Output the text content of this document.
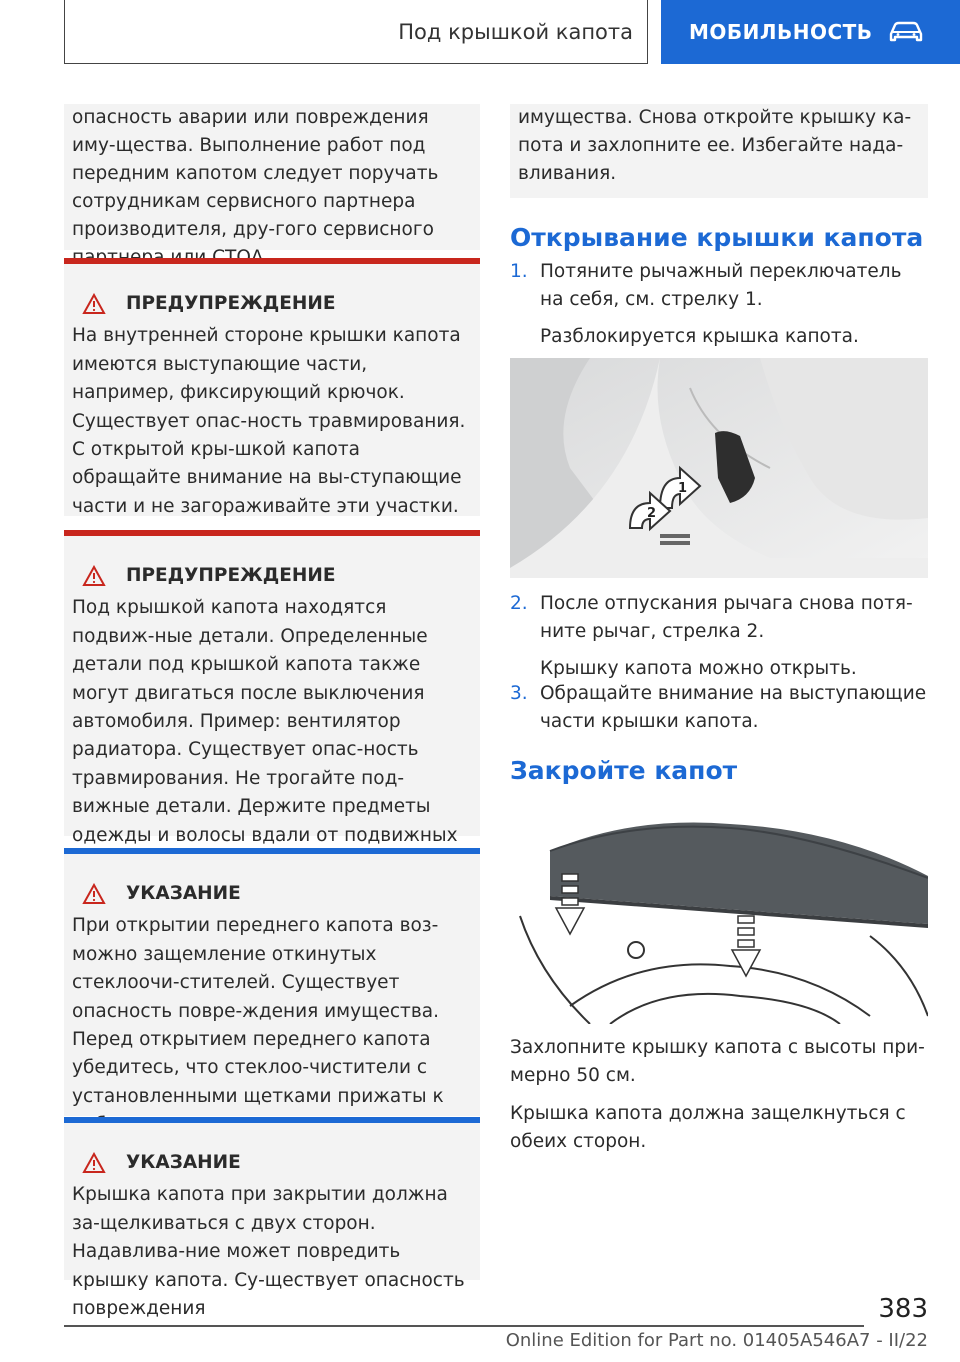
Под крышкой капота	МОБИЛЬНОСТЬ

опасность аварии или повреждения иму-щества. Выполнение работ под передним капотом следует поручать сотрудникам сервисного партнера производителя, дру-гого сервисного

ПРЕДУПРЕЖДЕНИЕ

На внутренней стороне крышки капота имеются выступающие части, например, фиксирующий крючок. Существует опас-ность травмирования. С открытой кры-шкой капота обращайте внимание на вы-ступающие части и не загораживайте эти участки.

ПРЕДУПРЕЖДЕНИЕ

Под крышкой капота находятся подвиж-ные детали. Определенные детали под крышкой капота также могут двигаться после выключения автомобиля. Пример: вентилятор радиатора. Существует опас-ность травмирования. Не трогайте под-вижные детали. Держите предметы одежды и волосы вдали от подвижных

УКАЗАНИЕ

При открытии переднего капота воз-можно защемление откинутых стеклоочи-стителей. Существует опасность повре-ждения имущества. Перед открытием переднего капота убедитесь, что стеклоо-чистители с установленными щетками прижаты к

УКАЗАНИЕ

Крышка капота при закрытии должна за-щелкиваться с двух сторон. Надавлива-ние может повредить крышку капота. Су-ществует опасность повреждения

имущества. Снова откройте крышку ка-пота и захлопните ее. Избегайте нада-вливания.

Открывание крышки капота
1. Потяните рычажный переключатель на себя, см. стрелку 1.
Разблокируется крышка капота.
1
2
2. После отпускания рычага снова потя-ните рычаг, стрелка 2.
Крышку капота можно открыть.
3. Обращайте внимание на выступающие части крышки капота.
Закройте капот

Захлопните крышку капота с высоты при-мерно 50 см.

Крышка капота должна защелкнуться с обеих сторон.

383
Online Edition for Part no. 01405A546A7 - II/22
